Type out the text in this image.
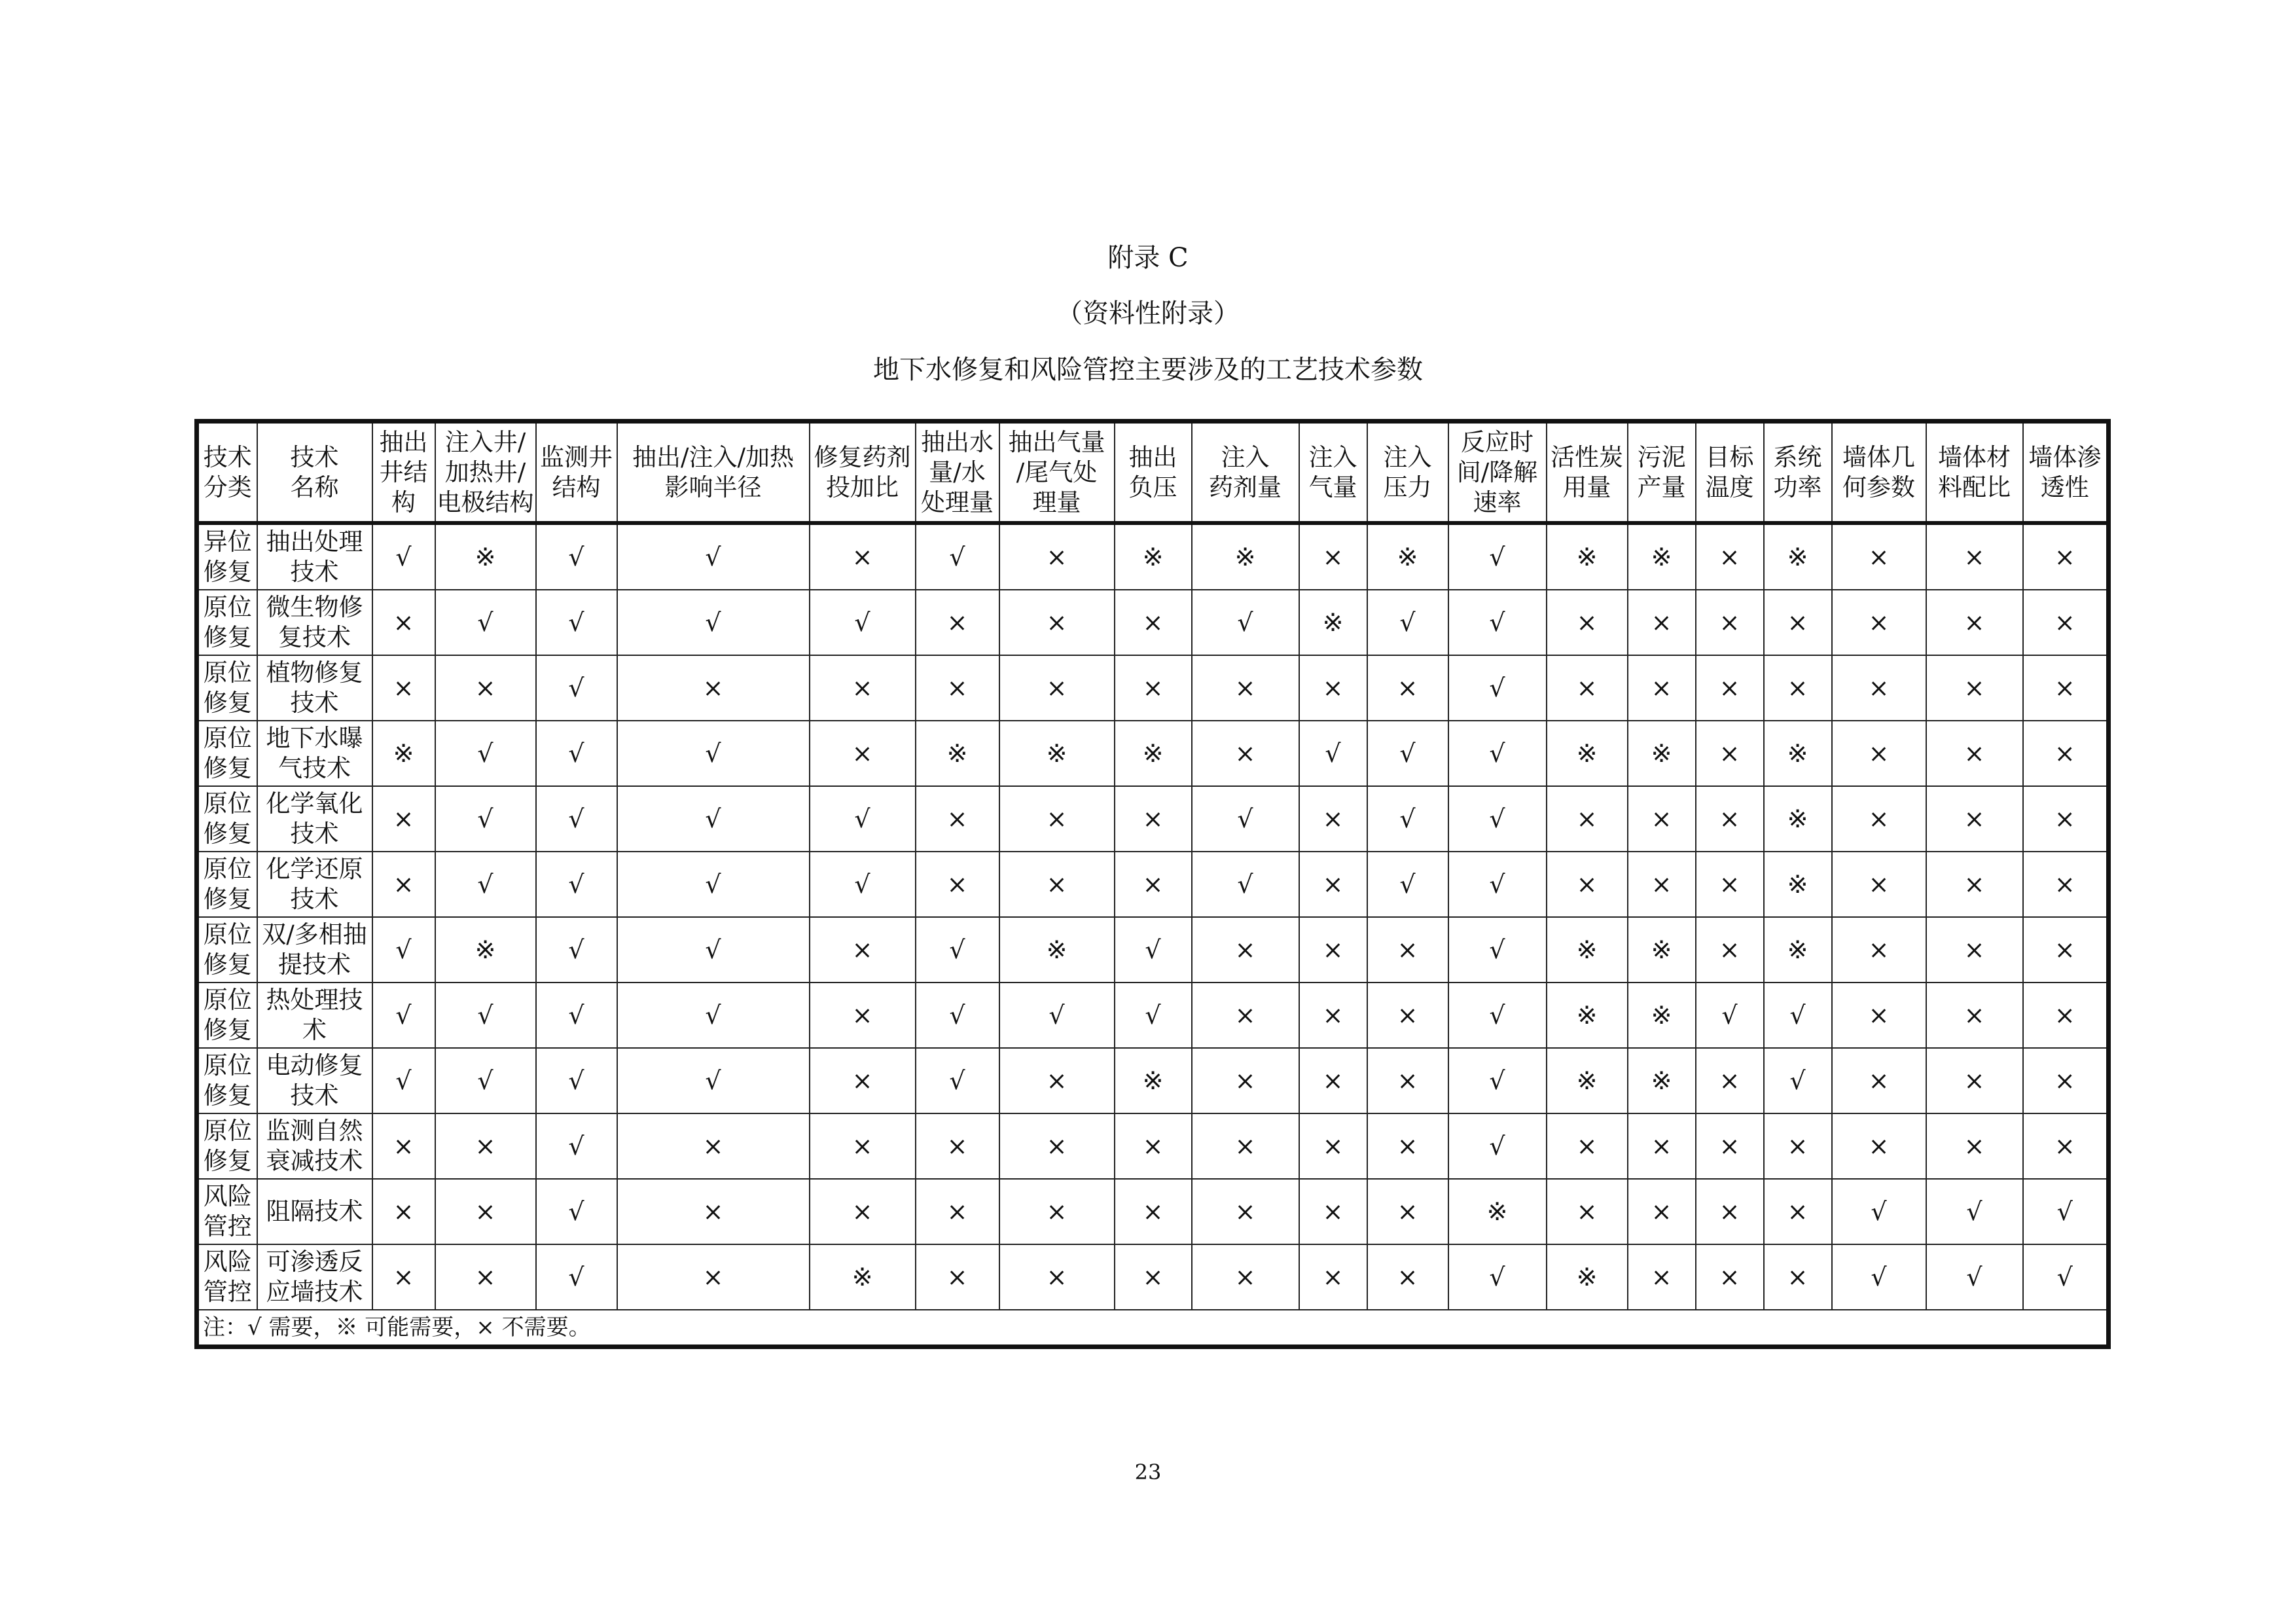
附录 C
（资料性附录）
地下水修复和风险管控主要涉及的工艺技术参数
技术
分类	技术
名称	抽出
井结
构	注入井/
加热井/
电极结构	监测井
结构	抽出/注入/加热
影响半径	修复药剂
投加比	抽出水
量/水
处理量	抽出气量
/尾气处
理量	抽出
负压	注入
药剂量	注入
气量	注入
压力	反应时
间/降解
速率	活性炭
用量	污泥
产量	目标
温度	系统
功率	墙体几
何参数	墙体材
料配比	墙体渗
透性
异位
修复	抽出处理
技术	√	※	√	√	×	√	×	※	※	×	※	√	※	※	×	※	×	×	×
原位
修复	微生物修
复技术	×	√	√	√	√	×	×	×	√	※	√	√	×	×	×	×	×	×	×
原位
修复	植物修复
技术	×	×	√	×	×	×	×	×	×	×	×	√	×	×	×	×	×	×	×
原位
修复	地下水曝
气技术	※	√	√	√	×	※	※	※	×	√	√	√	※	※	×	※	×	×	×
原位
修复	化学氧化
技术	×	√	√	√	√	×	×	×	√	×	√	√	×	×	×	※	×	×	×
原位
修复	化学还原
技术	×	√	√	√	√	×	×	×	√	×	√	√	×	×	×	※	×	×	×
原位
修复	双/多相抽
提技术	√	※	√	√	×	√	※	√	×	×	×	√	※	※	×	※	×	×	×
原位
修复	热处理技
术	√	√	√	√	×	√	√	√	×	×	×	√	※	※	√	√	×	×	×
原位
修复	电动修复
技术	√	√	√	√	×	√	×	※	×	×	×	√	※	※	×	√	×	×	×
原位
修复	监测自然
衰减技术	×	×	√	×	×	×	×	×	×	×	×	√	×	×	×	×	×	×	×
风险
管控	阻隔技术	×	×	√	×	×	×	×	×	×	×	×	※	×	×	×	×	√	√	√
风险
管控	可渗透反
应墙技术	×	×	√	×	※	×	×	×	×	×	×	√	※	×	×	×	√	√	√
注：√ 需要，※ 可能需要，× 不需要。																				
23
